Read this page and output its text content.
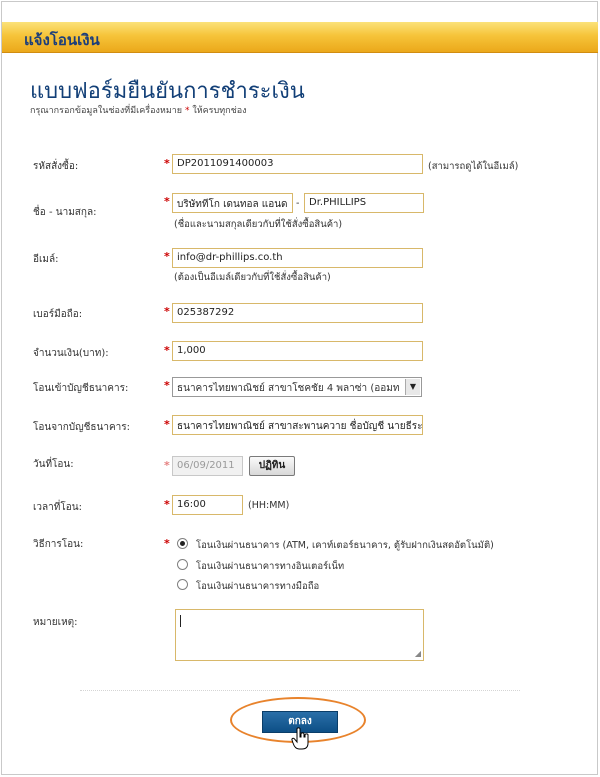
แจ้งโอนเงิน
แบบฟอร์มยืนยันการชำระเงิน
กรุณากรอกข้อมูลในช่องที่มีเครื่องหมาย * ให้ครบทุกช่อง
รหัสสั่งซื้อ:	* DP2011091400003	(สามารถดูได้ในอีเมล์)
ชื่อ - นามสกุล:
* บริษัททีโก เดนทอล แอนด - Dr.PHILLIPS
(ชื่อและนามสกุลเดียวกับที่ใช้สั่งซื้อสินค้า)
อีเมล์:	* info@dr-phillips.co.th
(ต้องเป็นอีเมล์เดียวกับที่ใช้สั่งซื้อสินค้า)
เบอร์มือถือ:	* 025387292
จำนวนเงิน(บาท):	* 1,000
โอนเข้าบัญชีธนาคาร:	* ธนาคารไทยพาณิชย์ สาขาโชคชัย 4 พลาซ่า (ออมท	▼
โอนจากบัญชีธนาคาร:	* ธนาคารไทยพาณิชย์ สาขาสะพานควาย ชื่อบัญชี นายธีระ
วันที่โอน:	* 06/09/2011	ปฏิทิน
เวลาที่โอน:	* 16:00	(HH:MM)
วิธีการโอน:	*	โอนเงินผ่านธนาคาร (ATM, เคาท์เตอร์ธนาคาร, ตู้รับฝากเงินสดอัตโนมัติ)
โอนเงินผ่านธนาคารทางอินเตอร์เน็ท
โอนเงินผ่านธนาคารทางมือถือ
หมายเหตุ:
◢
ตกลง
